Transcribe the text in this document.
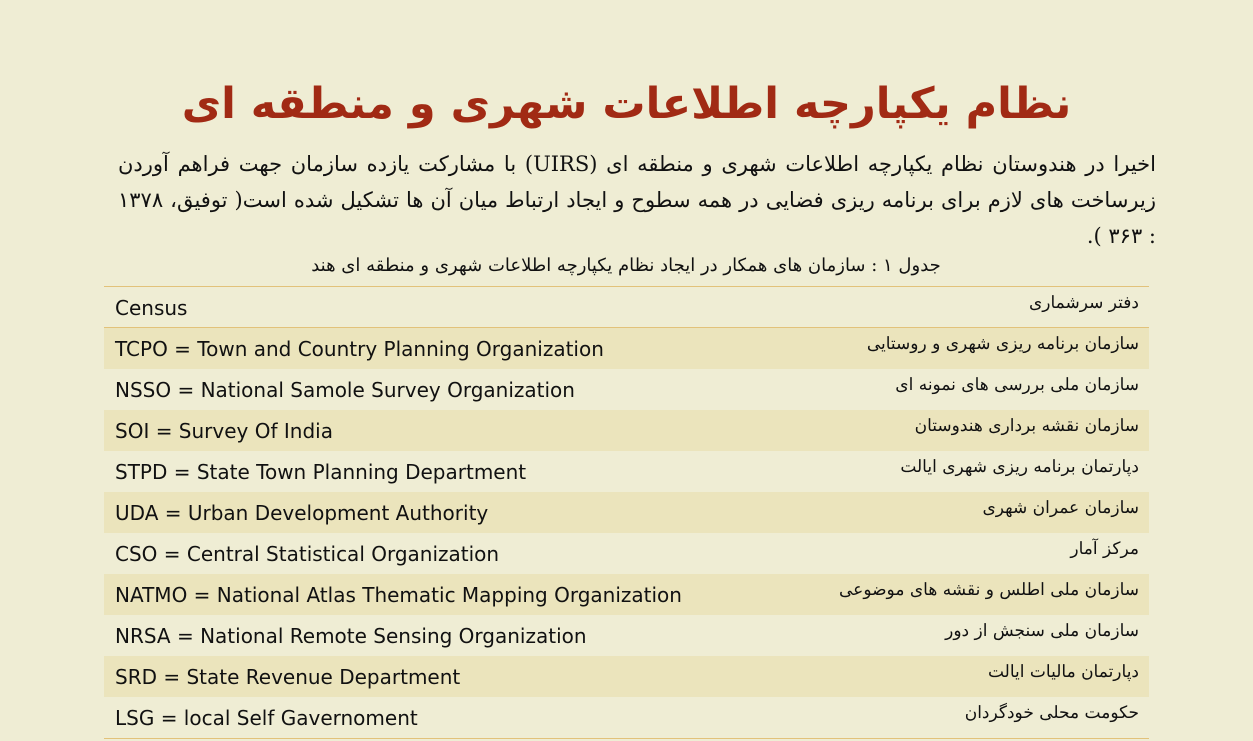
نظام یکپارچه اطلاعات شهری و منطقه ای

اخیرا در هندوستان نظام یکپارچه اطلاعات شهری و منطقه ای (UIRS) با مشارکت یازده سازمان جهت فراهم آوردن زیرساخت های لازم برای برنامه ریزی فضایی در همه سطوح و ایجاد ارتباط میان آن ها تشکیل شده است( توفیق، ۱۳۷۸ : ۳۶۳ ).

جدول ۱ : سازمان های همکار در ایجاد نظام یکپارچه اطلاعات شهری و منطقه ای هند

Census	دفتر سرشماری
TCPO = Town and Country Planning Organization	سازمان برنامه ریزی شهری و روستایی
NSSO = National Samole Survey Organization	سازمان ملی بررسی های نمونه ای
SOI = Survey Of India	سازمان نقشه برداری هندوستان
STPD = State Town Planning Department	دپارتمان برنامه ریزی شهری ایالت
UDA = Urban Development Authority	سازمان عمران شهری
CSO = Central Statistical Organization	مرکز آمار
NATMO = National Atlas Thematic Mapping Organization	سازمان ملی اطلس و نقشه های موضوعی
NRSA = National Remote Sensing Organization	سازمان ملی سنجش از دور
SRD = State Revenue Department	دپارتمان مالیات ایالت
LSG = local Self Gavernoment	حکومت محلی خودگردان
